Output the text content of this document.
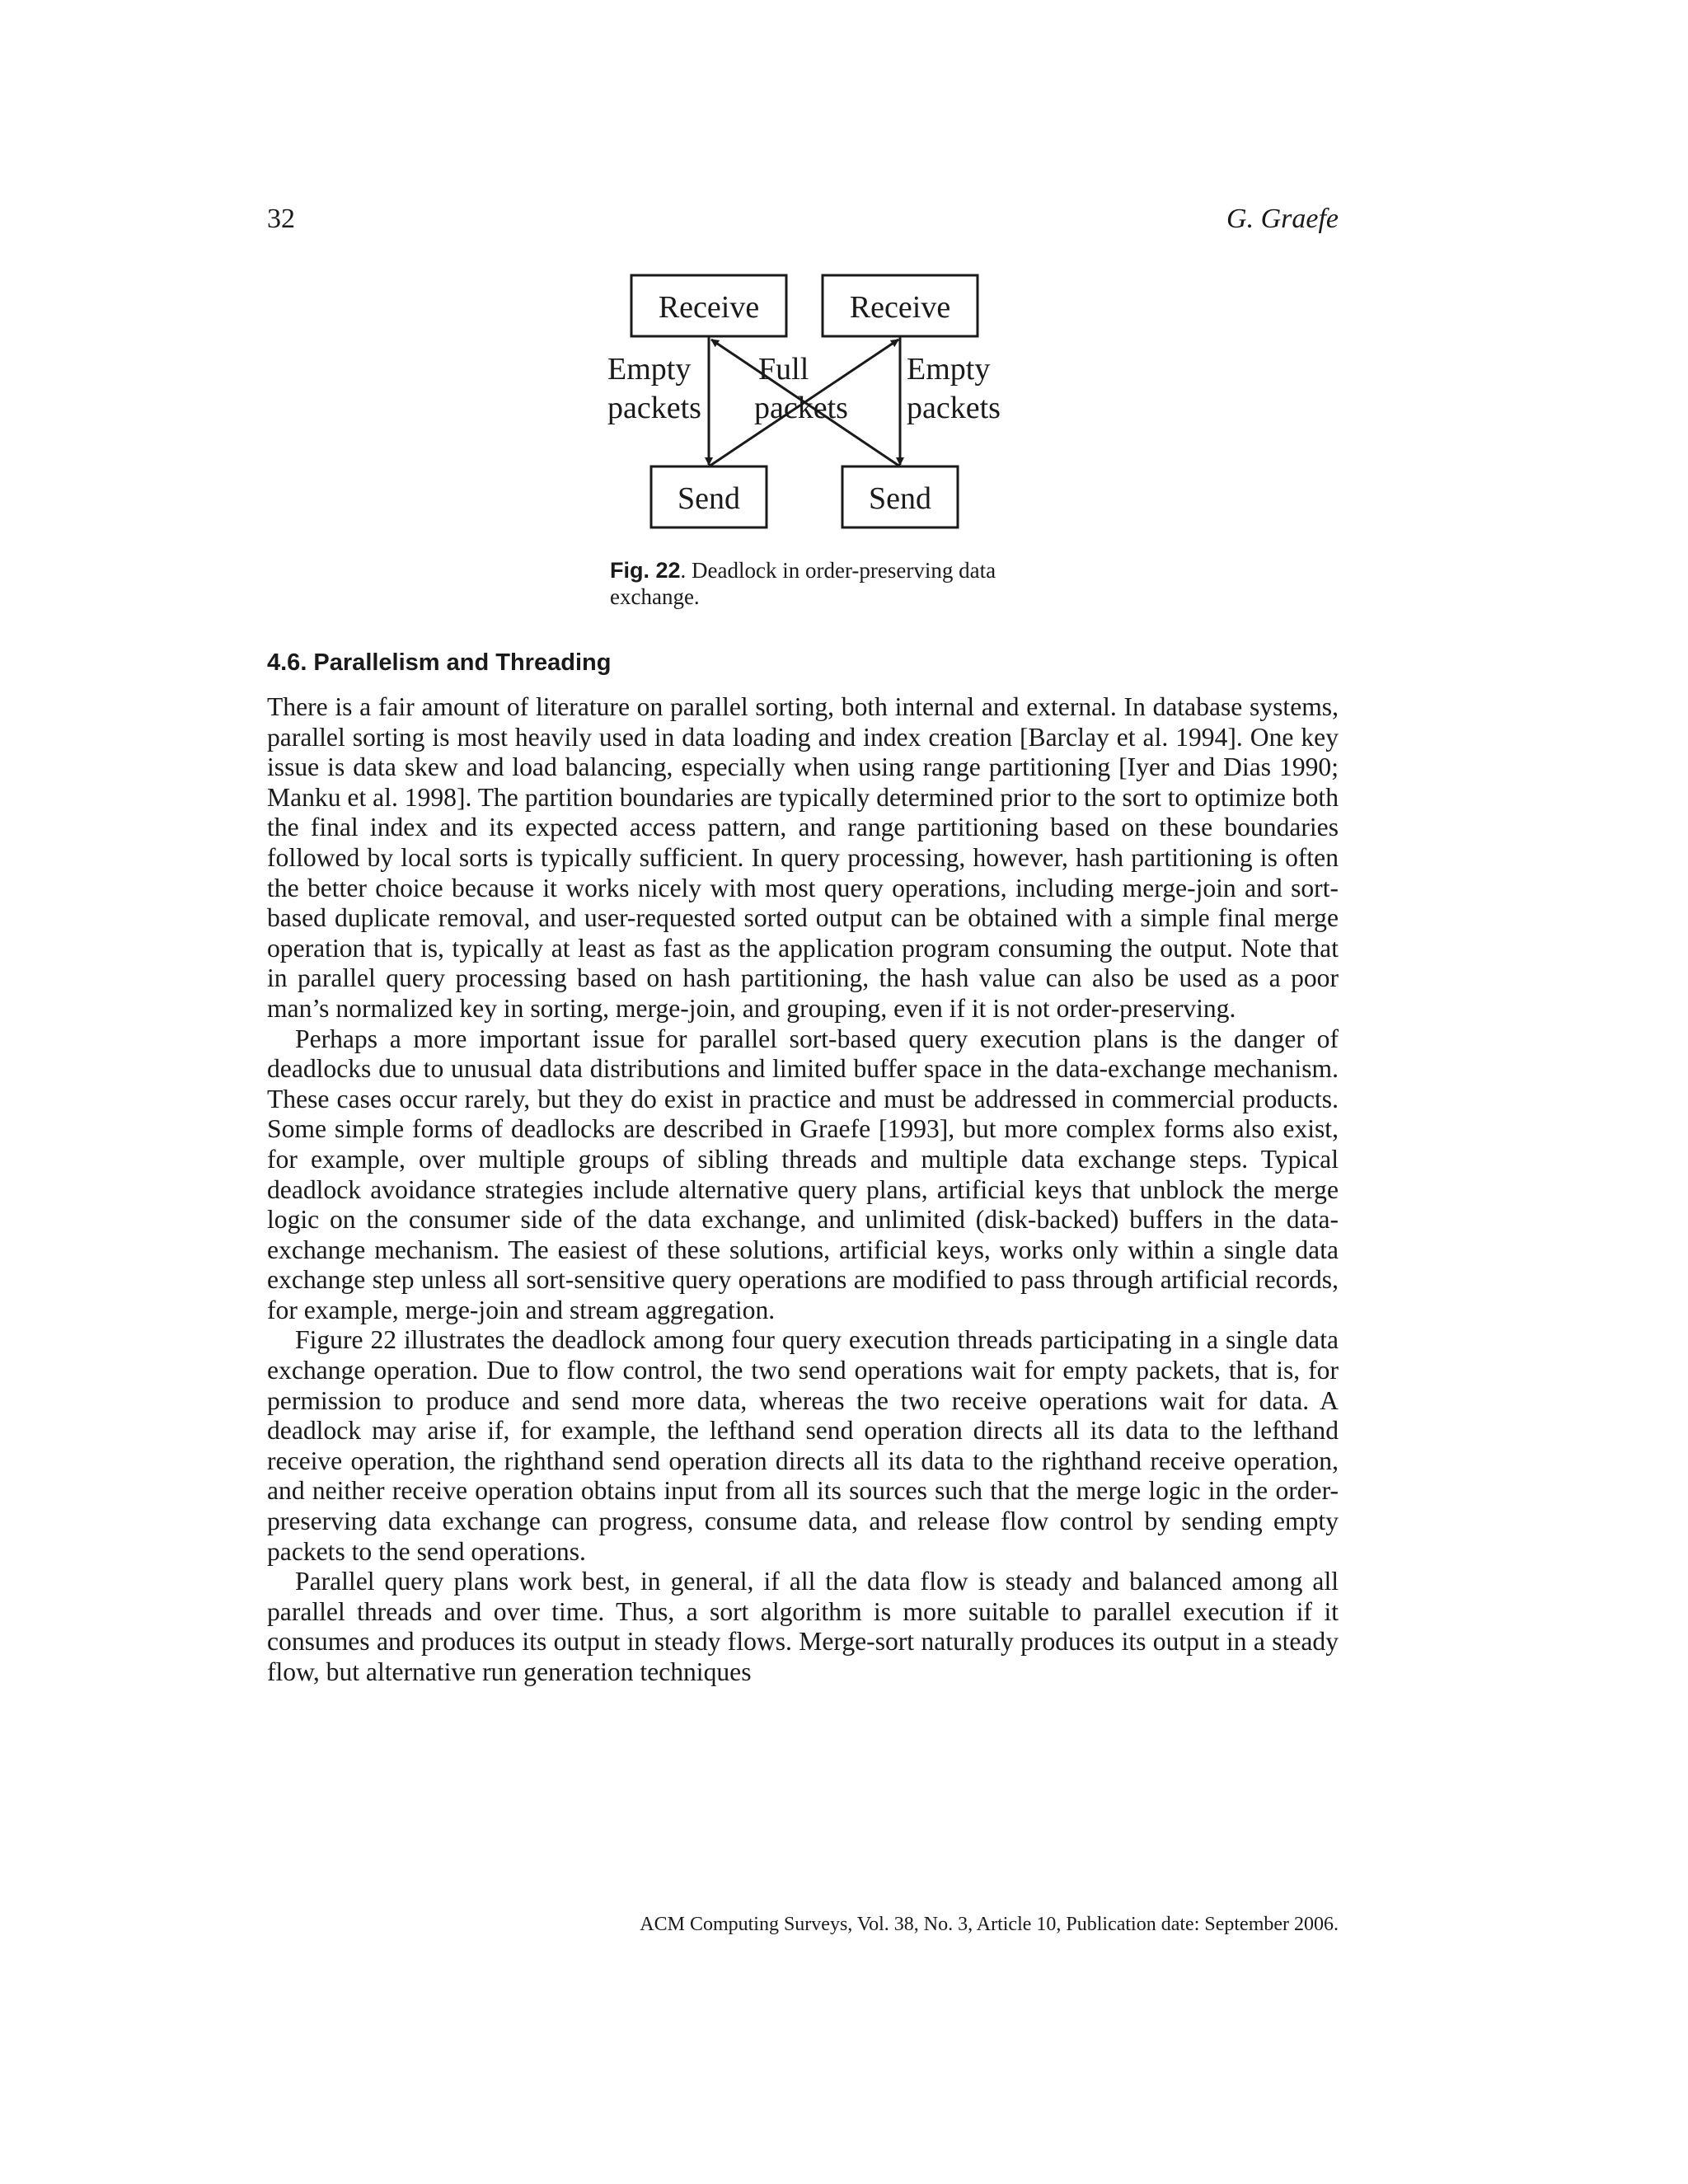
32	G. Graefe
Receive	Receive
Send	Send
Empty
packets
Full
packets
Empty
packets
Fig. 22. Deadlock in order-preserving data exchange.
4.6. Parallelism and Threading

There is a fair amount of literature on parallel sorting, both internal and external. In database systems, parallel sorting is most heavily used in data loading and index creation [Barclay et al. 1994]. One key issue is data skew and load balancing, especially when using range partitioning [Iyer and Dias 1990; Manku et al. 1998]. The partition boundaries are typically determined prior to the sort to optimize both the final index and its expected access pattern, and range partitioning based on these boundaries followed by local sorts is typically sufficient. In query processing, however, hash partitioning is often the better choice because it works nicely with most query operations, including merge-join and sort-based duplicate removal, and user-requested sorted output can be obtained with a simple final merge operation that is, typically at least as fast as the application program consuming the output. Note that in parallel query processing based on hash partitioning, the hash value can also be used as a poor man’s normalized key in sorting, merge-join, and grouping, even if it is not order-preserving.

Perhaps a more important issue for parallel sort-based query execution plans is the danger of deadlocks due to unusual data distributions and limited buffer space in the data-exchange mechanism. These cases occur rarely, but they do exist in practice and must be addressed in commercial products. Some simple forms of deadlocks are described in Graefe [1993], but more complex forms also exist, for example, over multiple groups of sibling threads and multiple data exchange steps. Typical deadlock avoidance strategies include alternative query plans, artificial keys that unblock the merge logic on the consumer side of the data exchange, and unlimited (disk-backed) buffers in the data-exchange mechanism. The easiest of these solutions, artificial keys, works only within a single data exchange step unless all sort-sensitive query operations are modified to pass through artificial records, for example, merge-join and stream aggregation.

Figure 22 illustrates the deadlock among four query execution threads participating in a single data exchange operation. Due to flow control, the two send operations wait for empty packets, that is, for permission to produce and send more data, whereas the two receive operations wait for data. A deadlock may arise if, for example, the lefthand send operation directs all its data to the lefthand receive operation, the righthand send operation directs all its data to the righthand receive operation, and neither receive operation obtains input from all its sources such that the merge logic in the order-preserving data exchange can progress, consume data, and release flow control by sending empty packets to the send operations.

Parallel query plans work best, in general, if all the data flow is steady and balanced among all parallel threads and over time. Thus, a sort algorithm is more suitable to parallel execution if it consumes and produces its output in steady flows. Merge-sort naturally produces its output in a steady flow, but alternative run generation techniques

ACM Computing Surveys, Vol. 38, No. 3, Article 10, Publication date: September 2006.
